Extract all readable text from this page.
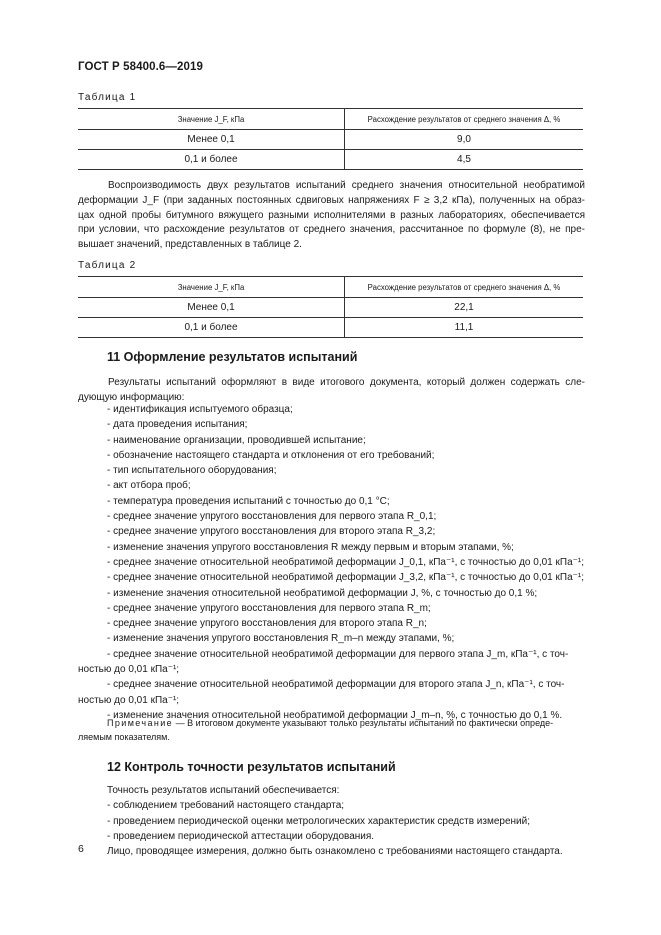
ГОСТ Р 58400.6—2019
Таблица 1
Значение J_F, кПа	Расхождение результатов от среднего значения Δ, %
Менее 0,1	9,0
0,1 и более	4,5
Воспроизводимость двух результатов испытаний среднего значения относительной необратимой
деформации J_F (при заданных постоянных сдвиговых напряжениях F ≥ 3,2 кПа), полученных на образ-
цах одной пробы битумного вяжущего разными исполнителями в разных лабораториях, обеспечивается
при условии, что расхождение результатов от среднего значения, рассчитанное по формуле (8), не пре-
вышает значений, представленных в таблице 2.
Таблица 2
Значение J_F, кПа	Расхождение результатов от среднего значения Δ, %
Менее 0,1	22,1
0,1 и более	11,1
11 Оформление результатов испытаний
Результаты испытаний оформляют в виде итогового документа, который должен содержать сле-
дующую информацию:
- идентификация испытуемого образца;
- дата проведения испытания;
- наименование организации, проводившей испытание;
- обозначение настоящего стандарта и отклонения от его требований;
- тип испытательного оборудования;
- акт отбора проб;
- температура проведения испытаний с точностью до 0,1 °C;
- среднее значение упругого восстановления для первого этапа R_0,1;
- среднее значение упругого восстановления для второго этапа R_3,2;
- изменение значения упругого восстановления R между первым и вторым этапами, %;
- среднее значение относительной необратимой деформации J_0,1, кПа⁻¹, с точностью до 0,01 кПа⁻¹;
- среднее значение относительной необратимой деформации J_3,2, кПа⁻¹, с точностью до 0,01 кПа⁻¹;
- изменение значения относительной необратимой деформации J, %, с точностью до 0,1 %;
- среднее значение упругого восстановления для первого этапа R_m;
- среднее значение упругого восстановления для второго этапа R_n;
- изменение значения упругого восстановления R_m–n между этапами, %;
- среднее значение относительной необратимой деформации для первого этапа J_m, кПа⁻¹, с точ-
ностью до 0,01 кПа⁻¹;
- среднее значение относительной необратимой деформации для второго этапа J_n, кПа⁻¹, с точ-
ностью до 0,01 кПа⁻¹;
- изменение значения относительной необратимой деформации J_m–n, %, с точностью до 0,1 %.
Примечание — В итоговом документе указывают только результаты испытаний по фактически опреде-
ляемым показателям.
12 Контроль точности результатов испытаний
Точность результатов испытаний обеспечивается:
- соблюдением требований настоящего стандарта;
- проведением периодической оценки метрологических характеристик средств измерений;
- проведением периодической аттестации оборудования.
Лицо, проводящее измерения, должно быть ознакомлено с требованиями настоящего стандарта.
6
